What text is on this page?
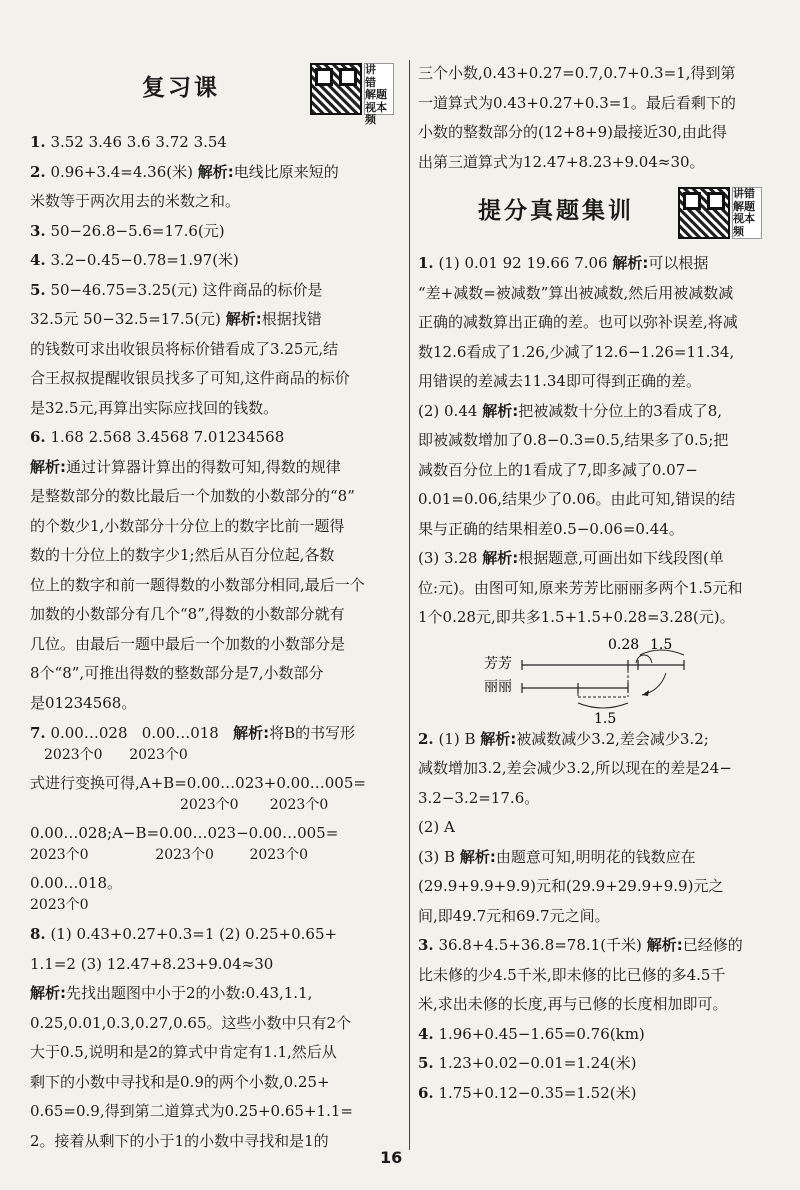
复习课
讲
错
解题
视本
频

1. 3.52 3.46 3.6 3.72 3.54

2. 0.96+3.4=4.36(米) 解析:电线比原来短的

米数等于两次用去的米数之和。

3. 50−26.8−5.6=17.6(元)

4. 3.2−0.45−0.78=1.97(米)

5. 50−46.75=3.25(元) 这件商品的标价是

32.5元 50−32.5=17.5(元) 解析:根据找错

的钱数可求出收银员将标价错看成了3.25元,结

合王叔叔提醒收银员找多了可知,这件商品的标价

是32.5元,再算出实际应找回的钱数。

6. 1.68 2.568 3.4568 7.01234568

解析:通过计算器计算出的得数可知,得数的规律

是整数部分的数比最后一个加数的小数部分的“8”

的个数少1,小数部分十分位上的数字比前一题得

数的十分位上的数字少1;然后从百分位起,各数

位上的数字和前一题得数的小数部分相同,最后一个

加数的小数部分有几个“8”,得数的小数部分就有

几位。由最后一题中最后一个加数的小数部分是

8个“8”,可推出得数的整数部分是7,小数部分

是01234568。

7. 0.00…028 0.00…018 解析:将B的书写形

2023个0 2023个0

式进行变换可得,A+B=0.00…023+0.00…005=

2023个0 2023个0

0.00…028;A−B=0.00…023−0.00…005=

2023个0	2023个0	2023个0

0.00…018。

2023个0

8. (1) 0.43+0.27+0.3=1 (2) 0.25+0.65+

1.1=2 (3) 12.47+8.23+9.04≈30

解析:先找出题图中小于2的小数:0.43,1.1,

0.25,0.01,0.3,0.27,0.65。这些小数中只有2个

大于0.5,说明和是2的算式中肯定有1.1,然后从

剩下的小数中寻找和是0.9的两个小数,0.25+

0.65=0.9,得到第二道算式为0.25+0.65+1.1=

2。接着从剩下的小于1的小数中寻找和是1的

三个小数,0.43+0.27=0.7,0.7+0.3=1,得到第

一道算式为0.43+0.27+0.3=1。最后看剩下的

小数的整数部分的(12+8+9)最接近30,由此得

出第三道算式为12.47+8.23+9.04≈30。

提分真题集训
讲错
解题
视本
频

1. (1) 0.01 92 19.66 7.06 解析:可以根据

“差+减数=被减数”算出被减数,然后用被减数减

正确的减数算出正确的差。也可以弥补误差,将减

数12.6看成了1.26,少减了12.6−1.26=11.34,

用错误的差减去11.34即可得到正确的差。

(2) 0.44 解析:把被减数十分位上的3看成了8,

即被减数增加了0.8−0.3=0.5,结果多了0.5;把

减数百分位上的1看成了7,即多减了0.07−

0.01=0.06,结果少了0.06。由此可知,错误的结

果与正确的结果相差0.5−0.06=0.44。

(3) 3.28 解析:根据题意,可画出如下线段图(单

位:元)。由图可知,原来芳芳比丽丽多两个1.5元和

1个0.28元,即共多1.5+1.5+0.28=3.28(元)。

0.28 1.5
芳芳
丽丽
1.5

2. (1) B 解析:被减数减少3.2,差会减少3.2;

减数增加3.2,差会减少3.2,所以现在的差是24−

3.2−3.2=17.6。

(2) A

(3) B 解析:由题意可知,明明花的钱数应在

(29.9+9.9+9.9)元和(29.9+29.9+9.9)元之

间,即49.7元和69.7元之间。

3. 36.8+4.5+36.8=78.1(千米) 解析:已经修的

比未修的少4.5千米,即未修的比已修的多4.5千

米,求出未修的长度,再与已修的长度相加即可。

4. 1.96+0.45−1.65=0.76(km)

5. 1.23+0.02−0.01=1.24(米)

6. 1.75+0.12−0.35=1.52(米)

16
